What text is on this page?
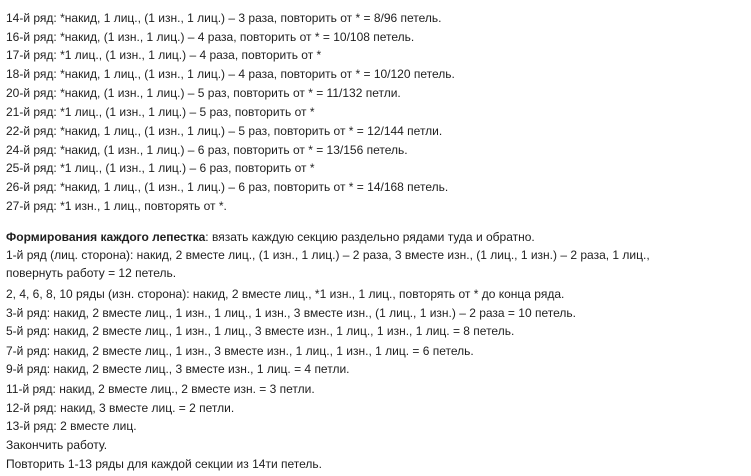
14-й ряд: *накид, 1 лиц., (1 изн., 1 лиц.) – 3 раза, повторить от * = 8/96 петель.
16-й ряд: *накид, (1 изн., 1 лиц.) – 4 раза, повторить от * = 10/108 петель.
17-й ряд: *1 лиц., (1 изн., 1 лиц.) – 4 раза, повторить от *
18-й ряд: *накид, 1 лиц., (1 изн., 1 лиц.) – 4 раза, повторить от * = 10/120 петель.
20-й ряд: *накид, (1 изн., 1 лиц.) – 5 раз, повторить от * = 11/132 петли.
21-й ряд: *1 лиц., (1 изн., 1 лиц.) – 5 раз, повторить от *
22-й ряд: *накид, 1 лиц., (1 изн., 1 лиц.) – 5 раз, повторить от * = 12/144 петли.
24-й ряд: *накид, (1 изн., 1 лиц.) – 6 раз, повторить от * = 13/156 петель.
25-й ряд: *1 лиц., (1 изн., 1 лиц.) – 6 раз, повторить от *
26-й ряд: *накид, 1 лиц., (1 изн., 1 лиц.) – 6 раз, повторить от * = 14/168 петель.
27-й ряд: *1 изн., 1 лиц., повторять от *.
Формирования каждого лепестка: вязать каждую секцию раздельно рядами туда и обратно.
1-й ряд (лиц. сторона): накид, 2 вместе лиц., (1 изн., 1 лиц.) – 2 раза, 3 вместе изн., (1 лиц., 1 изн.) – 2 раза, 1 лиц.,
повернуть работу = 12 петель.
2, 4, 6, 8, 10 ряды (изн. сторона): накид, 2 вместе лиц., *1 изн., 1 лиц., повторять от * до конца ряда.
3-й ряд: накид, 2 вместе лиц., 1 изн., 1 лиц., 1 изн., 3 вместе изн., (1 лиц., 1 изн.) – 2 раза = 10 петель.
5-й ряд: накид, 2 вместе лиц., 1 изн., 1 лиц., 3 вместе изн., 1 лиц., 1 изн., 1 лиц. = 8 петель.
7-й ряд: накид, 2 вместе лиц., 1 изн., 3 вместе изн., 1 лиц., 1 изн., 1 лиц. = 6 петель.
9-й ряд: накид, 2 вместе лиц., 3 вместе изн., 1 лиц. = 4 петли.
11-й ряд: накид, 2 вместе лиц., 2 вместе изн. = 3 петли.
12-й ряд: накид, 3 вместе лиц. = 2 петли.
13-й ряд: 2 вместе лиц.
Закончить работу.
Повторить 1-13 ряды для каждой секции из 14ти петель.
